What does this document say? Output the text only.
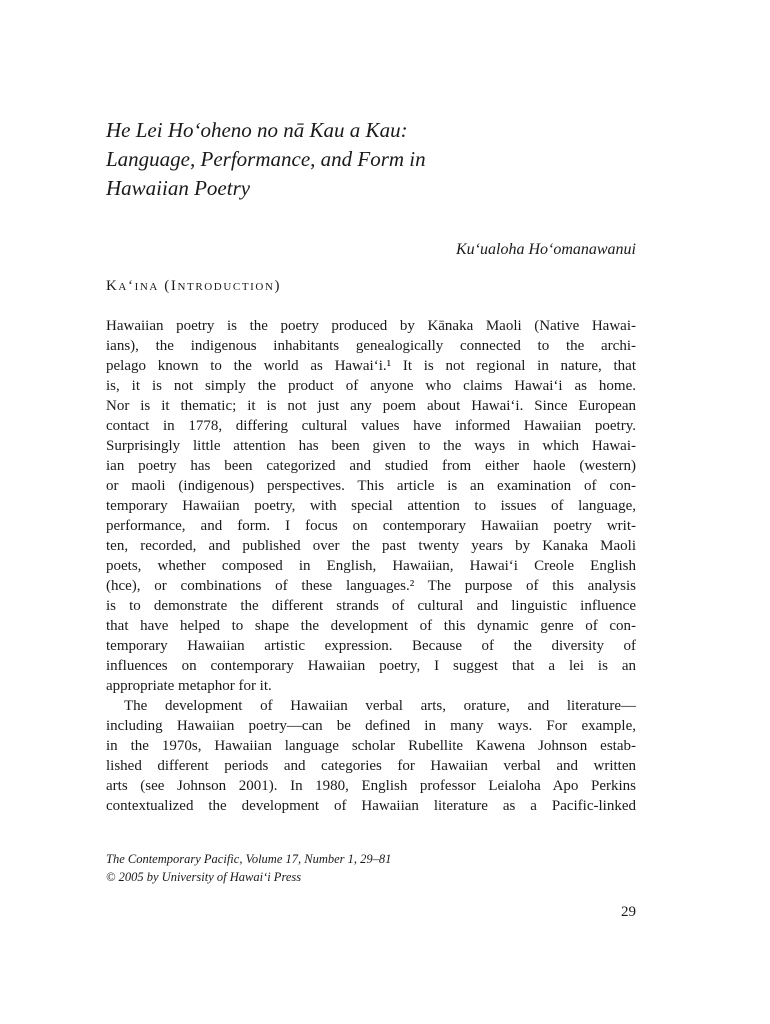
He Lei Hoʻoheno no nā Kau a Kau:
Language, Performance, and Form in
Hawaiian Poetry
Kuʻualoha Hoʻomanawanui
Kaʻina (Introduction)
Hawaiian poetry is the poetry produced by Kānaka Maoli (Native Hawai-
ians), the indigenous inhabitants genealogically connected to the archi-
pelago known to the world as Hawaiʻi.¹ It is not regional in nature, that
is, it is not simply the product of anyone who claims Hawaiʻi as home.
Nor is it thematic; it is not just any poem about Hawaiʻi. Since European
contact in 1778, differing cultural values have informed Hawaiian poetry.
Surprisingly little attention has been given to the ways in which Hawai-
ian poetry has been categorized and studied from either haole (western)
or maoli (indigenous) perspectives. This article is an examination of con-
temporary Hawaiian poetry, with special attention to issues of language,
performance, and form. I focus on contemporary Hawaiian poetry writ-
ten, recorded, and published over the past twenty years by Kanaka Maoli
poets, whether composed in English, Hawaiian, Hawaiʻi Creole English
(hce), or combinations of these languages.² The purpose of this analysis
is to demonstrate the different strands of cultural and linguistic influence
that have helped to shape the development of this dynamic genre of con-
temporary Hawaiian artistic expression. Because of the diversity of
influences on contemporary Hawaiian poetry, I suggest that a lei is an
appropriate metaphor for it.
The development of Hawaiian verbal arts, orature, and literature—
including Hawaiian poetry—can be defined in many ways. For example,
in the 1970s, Hawaiian language scholar Rubellite Kawena Johnson estab-
lished different periods and categories for Hawaiian verbal and written
arts (see Johnson 2001). In 1980, English professor Leialoha Apo Perkins
contextualized the development of Hawaiian literature as a Pacific-linked
The Contemporary Pacific, Volume 17, Number 1, 29–81
© 2005 by University of Hawaiʻi Press
29
